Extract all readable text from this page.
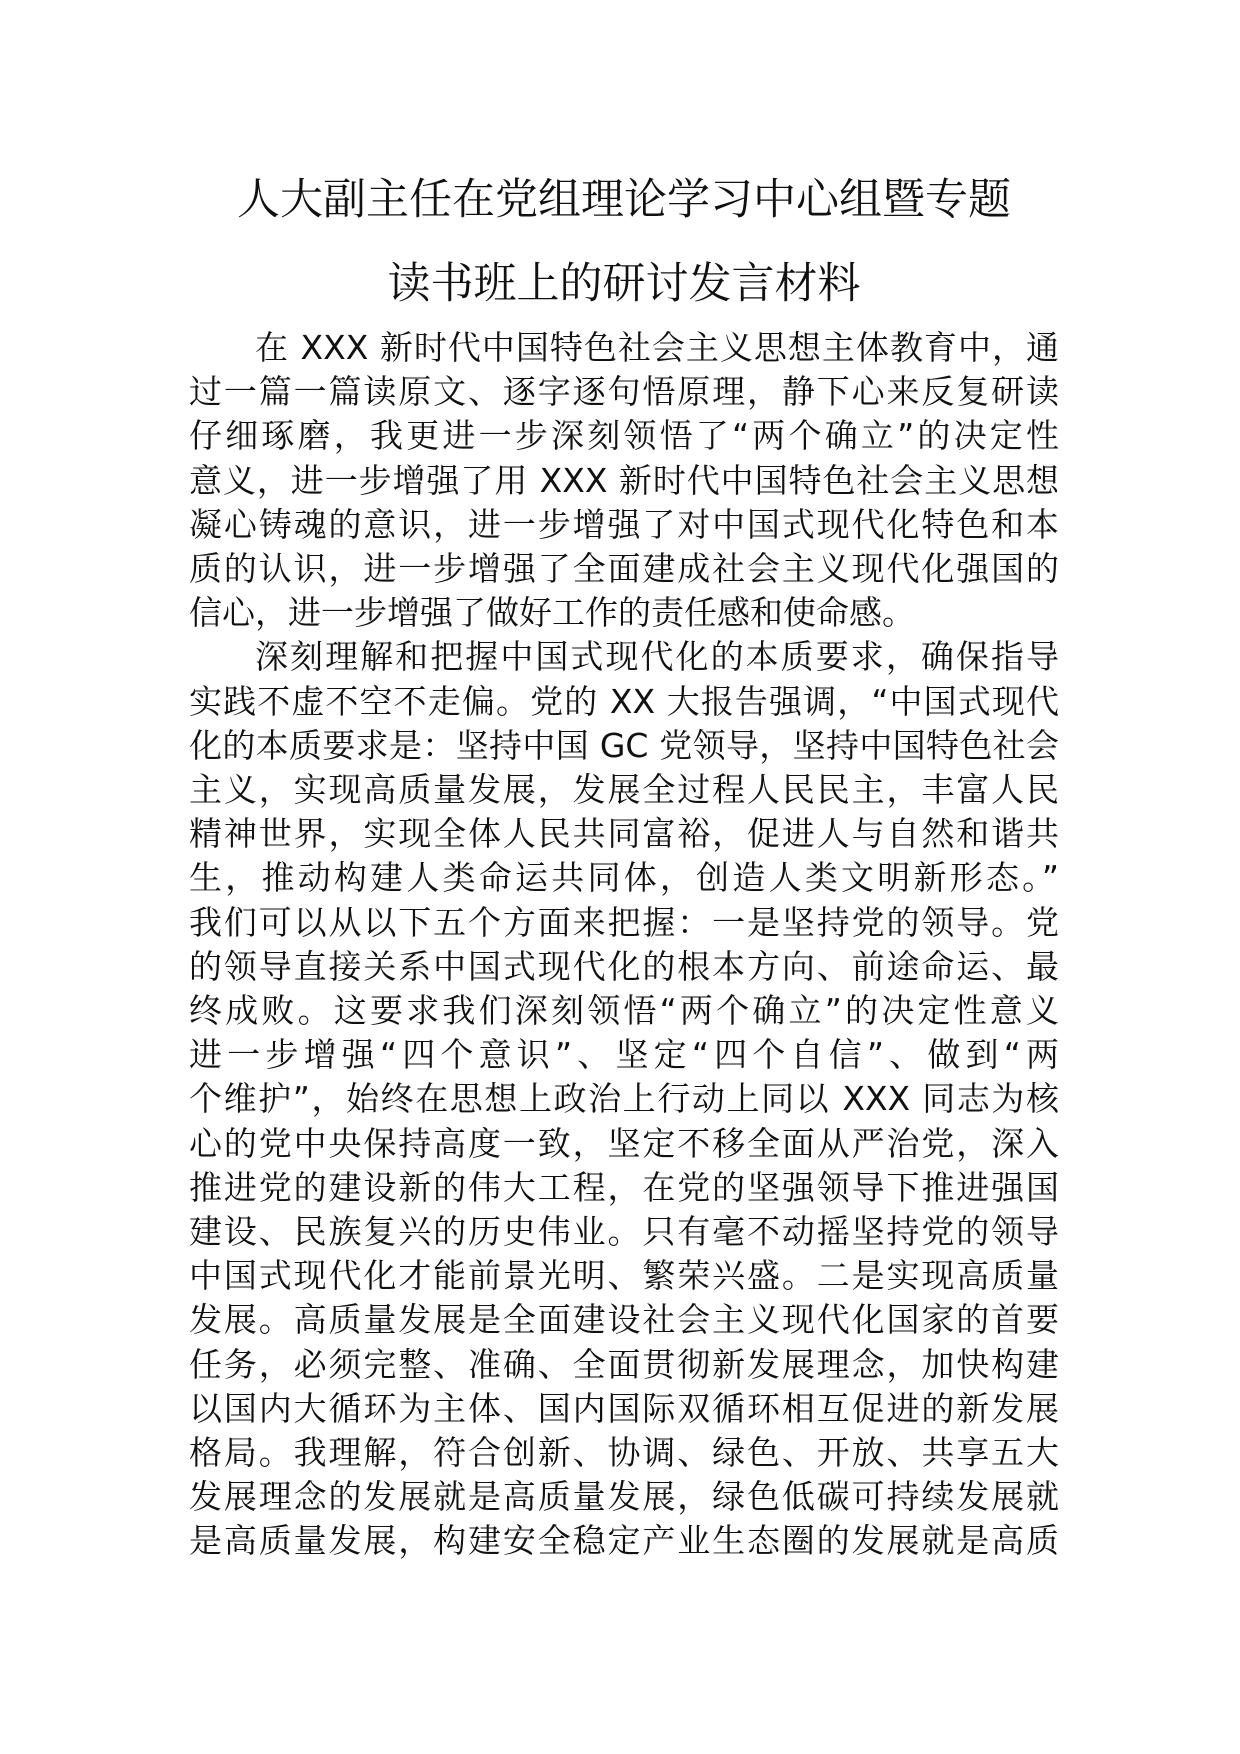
人大副主任在党组理论学习中心组暨专题
读书班上的研讨发言材料
在 XXX 新时代中国特色社会主义思想主体教育中，通
过一篇一篇读原文、逐字逐句悟原理，静下心来反复研读
仔细琢磨，我更进一步深刻领悟了“两个确立”的决定性
意义，进一步增强了用 XXX 新时代中国特色社会主义思想
凝心铸魂的意识，进一步增强了对中国式现代化特色和本
质的认识，进一步增强了全面建成社会主义现代化强国的
信心，进一步增强了做好工作的责任感和使命感。
深刻理解和把握中国式现代化的本质要求，确保指导
实践不虚不空不走偏。党的 XX 大报告强调，“中国式现代
化的本质要求是：坚持中国 GC 党领导，坚持中国特色社会
主义，实现高质量发展，发展全过程人民民主，丰富人民
精神世界，实现全体人民共同富裕，促进人与自然和谐共
生，推动构建人类命运共同体，创造人类文明新形态。”
我们可以从以下五个方面来把握：一是坚持党的领导。党
的领导直接关系中国式现代化的根本方向、前途命运、最
终成败。这要求我们深刻领悟“两个确立”的决定性意义
进一步增强“四个意识”、坚定“四个自信”、做到“两
个维护”，始终在思想上政治上行动上同以 XXX 同志为核
心的党中央保持高度一致，坚定不移全面从严治党，深入
推进党的建设新的伟大工程，在党的坚强领导下推进强国
建设、民族复兴的历史伟业。只有毫不动摇坚持党的领导
中国式现代化才能前景光明、繁荣兴盛。二是实现高质量
发展。高质量发展是全面建设社会主义现代化国家的首要
任务，必须完整、准确、全面贯彻新发展理念，加快构建
以国内大循环为主体、国内国际双循环相互促进的新发展
格局。我理解，符合创新、协调、绿色、开放、共享五大
发展理念的发展就是高质量发展，绿色低碳可持续发展就
是高质量发展，构建安全稳定产业生态圈的发展就是高质
